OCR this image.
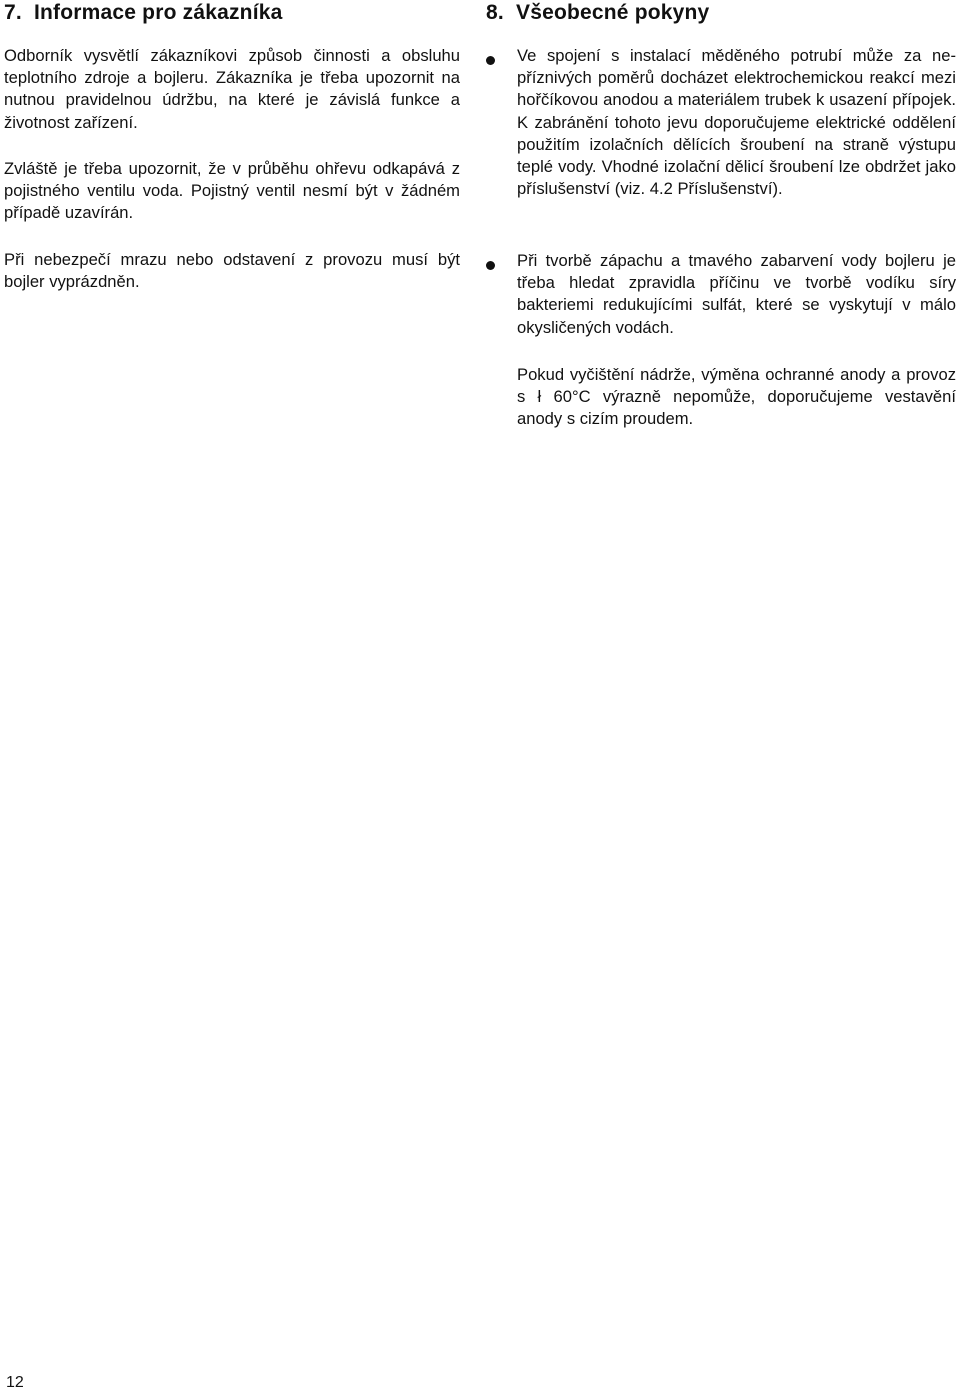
7.  Informace pro zákazníka

Odborník vysvětlí zákazníkovi způsob činnosti a obsluhu teplotního zdroje a bojleru. Zákazníka je třeba upozornit na nutnou pravidelnou údržbu, na které je závislá funkce a životnost zařízení.

Zvláště je třeba upozornit, že v průběhu ohřevu odkapává z pojistného ventilu voda. Pojistný ventil nesmí být v žádném případě uzavírán.

Při nebezpečí mrazu nebo odstavení z provozu musí být bojler vyprázdněn.

8.  Všeobecné pokyny

Ve spojení s instalací měděného potrubí může za nepříznivých poměrů docházet elektrochemickou reakcí mezi hořčíkovou anodou a materiálem trubek k usazení přípojek. K zabránění tohoto jevu doporučujeme elektrické oddělení použitím izolačních dělících šroubení na straně výstupu teplé vody. Vhodné izolační dělicí šroubení lze obdržet jako příslušenství (viz. 4.2 Příslušenství).

Při tvorbě zápachu a tmavého zabarvení vody bojleru je třeba hledat zpravidla příčinu ve tvorbě vodíku síry bakteriemi redukujícími sulfát, které se vyskytují v málo okysličených vodách.

Pokud vyčištění nádrže, výměna ochranné anody a provoz s ł 60°C výrazně nepomůže, doporučujeme vestavění anody s cizím proudem.

12
